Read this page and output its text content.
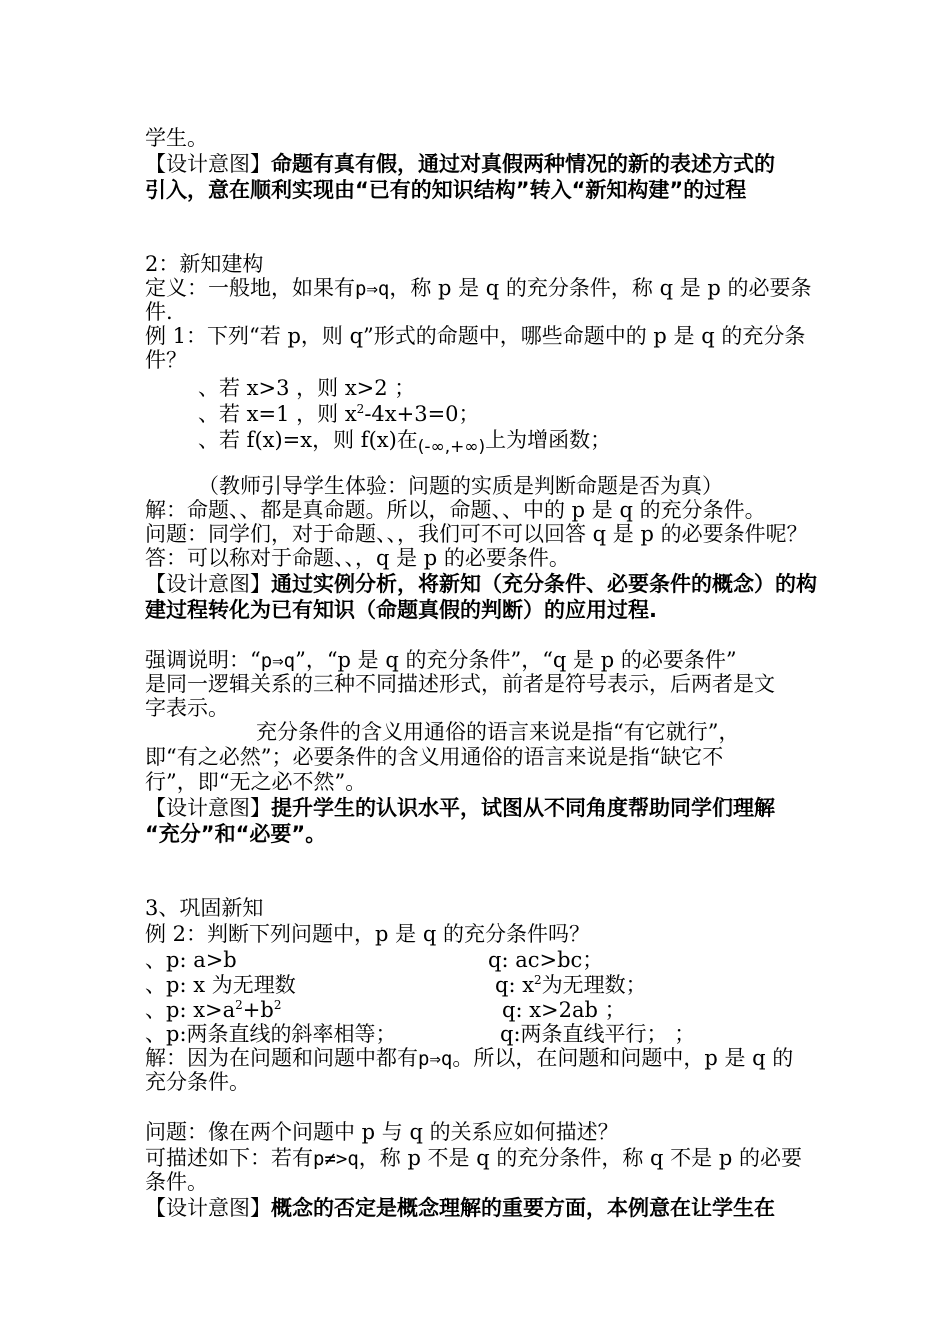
学生。
【设计意图】命题有真有假，通过对真假两种情况的新的表述方式的
引入，意在顺利实现由“已有的知识结构”转入“新知构建”的过程
2：新知建构
定义：一般地，如果有p⇒q，称 p 是 q 的充分条件，称 q 是 p 的必要条
件.
例 1：下列“若 p，则 q”形式的命题中，哪些命题中的 p 是 q 的充分条
件？
、若 x>3 ，则 x>2 ；
、若 x=1 ，则 $x^2-4x+3=0$；
、若 f(x)=x，则 f(x)在$_{(-\infty,+\infty)}$上为增函数；
（教师引导学生体验：问题的实质是判断命题是否为真）
解：命题、、都是真命题。所以，命题、、中的 p 是 q 的充分条件。
问题：同学们，对于命题、、，我们可不可以回答 q 是 p 的必要条件呢？
答：可以称对于命题、、，q 是 p 的必要条件。
【设计意图】通过实例分析，将新知（充分条件、必要条件的概念）的构
建过程转化为已有知识（命题真假的判断）的应用过程.
强调说明：“p⇒q”，“p 是 q 的充分条件”，“q 是 p 的必要条件”
是同一逻辑关系的三种不同描述形式，前者是符号表示，后两者是文
字表示。
充分条件的含义用通俗的语言来说是指“有它就行”，
即“有之必然”；必要条件的含义用通俗的语言来说是指“缺它不
行”，即“无之必不然”。
【设计意图】提升学生的认识水平，试图从不同角度帮助同学们理解
“充分”和“必要”。
3、巩固新知
例 2：判断下列问题中，p 是 q 的充分条件吗？
、p: a>b	q: ac>bc；
、p: x 为无理数	q: $x^2$为无理数；
、p: $x>a^2+b^2$	q: x>2ab ；
、p:两条直线的斜率相等；	q:两条直线平行； ；
解：因为在问题和问题中都有p⇒q。所以，在问题和问题中，p 是 q 的
充分条件。
问题：像在两个问题中 p 与 q 的关系应如何描述？
可描述如下：若有p≠>q，称 p 不是 q 的充分条件，称 q 不是 p 的必要
条件。
【设计意图】概念的否定是概念理解的重要方面，本例意在让学生在
